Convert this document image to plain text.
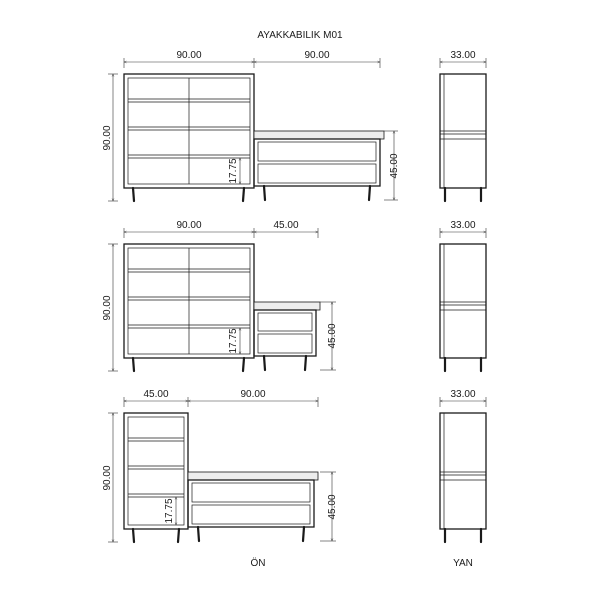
AYAKKABILIK M01
90.00	90.00
90.00
17.75	45.00
33.00
90.00	45.00
90.00
17.75	45.00
33.00
45.00	90.00
90.00
17.75	45.00
33.00
ÖN	YAN
